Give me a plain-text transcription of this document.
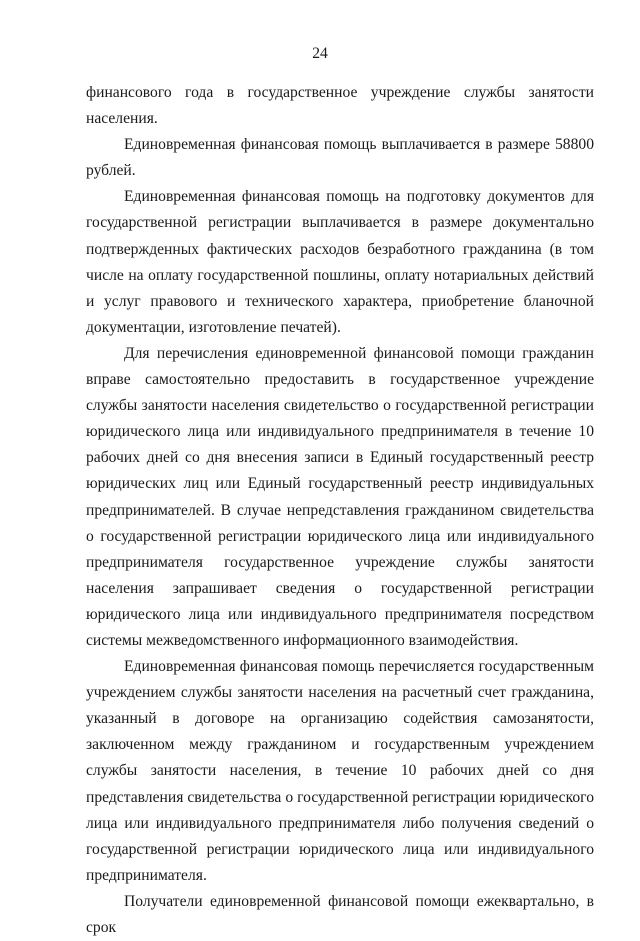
24

финансового года в государственное учреждение службы занятости населения.

Единовременная финансовая помощь выплачивается в размере 58800 рублей.

Единовременная финансовая помощь на подготовку документов для государственной регистрации выплачивается в размере документально подтвержденных фактических расходов безработного гражданина (в том числе на оплату государственной пошлины, оплату нотариальных действий и услуг правового и технического характера, приобретение бланочной документации, изготовление печатей).

Для перечисления единовременной финансовой помощи гражданин вправе самостоятельно предоставить в государственное учреждение службы занятости населения свидетельство о государственной регистрации юридического лица или индивидуального предпринимателя в течение 10 рабочих дней со дня внесения записи в Единый государственный реестр юридических лиц или Единый государственный реестр индивидуальных предпринимателей. В случае непредставления гражданином свидетельства о государственной регистрации юридического лица или индивидуального предпринимателя государственное учреждение службы занятости населения запрашивает сведения о государственной регистрации юридического лица или индивидуального предпринимателя посредством системы межведомственного информационного взаимодействия.

Единовременная финансовая помощь перечисляется государственным учреждением службы занятости населения на расчетный счет гражданина, указанный в договоре на организацию содействия самозанятости, заключенном между гражданином и государственным учреждением службы занятости населения, в течение 10 рабочих дней со дня представления свидетельства о государственной регистрации юридического лица или индивидуального предпринимателя либо получения сведений о государственной регистрации юридического лица или индивидуального предпринимателя.

Получатели единовременной финансовой помощи ежеквартально, в срок
